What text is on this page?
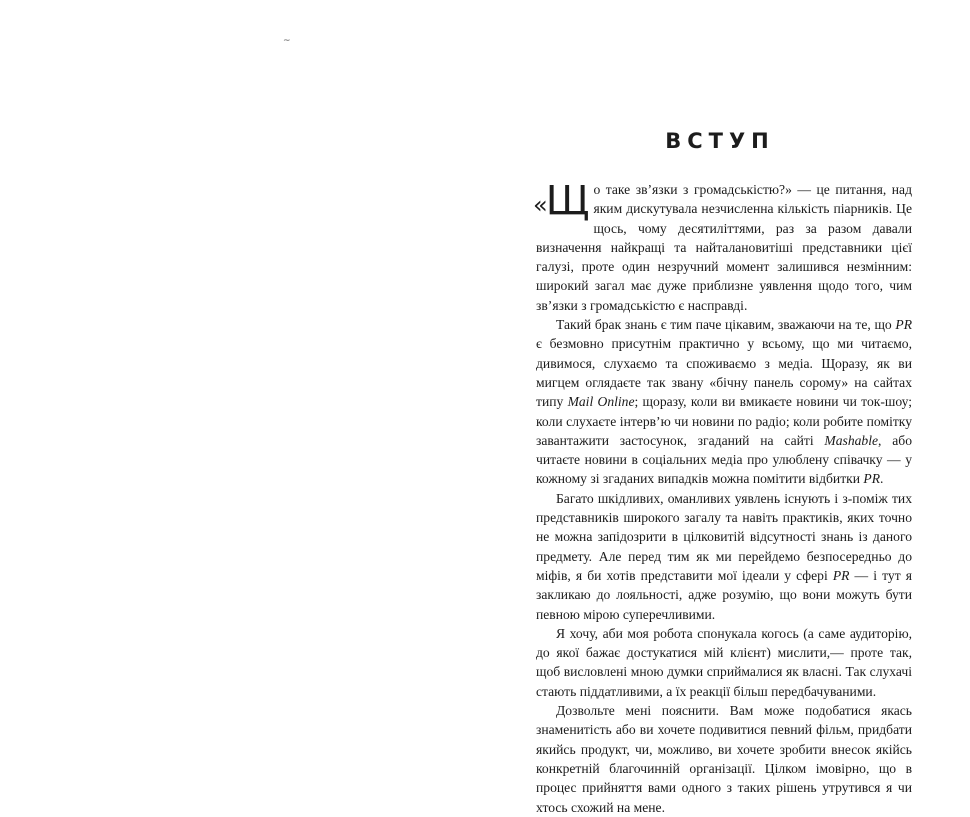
~
ВСТУП

«Щ о таке зв’язки з громадськістю?» — це питання, над яким дискутувала незчисленна кількість піарників. Це щось, чому десятиліттями, раз за разом давали визначення найкращі та найталановитіші представники цієї галузі, проте один незручний момент залишився незмінним: широкий загал має дуже приблизне уявлення щодо того, чим зв’язки з громадськістю є насправді.

Такий брак знань є тим паче цікавим, зважаючи на те, що PR є безмовно присутнім практично у всьому, що ми читаємо, дивимося, слухаємо та споживаємо з медіа. Щоразу, як ви мигцем оглядаєте так звану «бічну панель сорому» на сайтах типу Mail Online; щоразу, коли ви вмикаєте новини чи ток-шоу; коли слухаєте інтерв’ю чи новини по радіо; коли робите помітку завантажити застосунок, згаданий на сайті Mashable, або читаєте новини в соціальних медіа про улюблену співачку — у кожному зі згаданих випадків можна помітити відбитки PR.

Багато шкідливих, оманливих уявлень існують і з-поміж тих представників широкого загалу та навіть практиків, яких точно не можна запідозрити в цілковитій відсутності знань із даного предмету. Але перед тим як ми перейдемо безпосередньо до міфів, я би хотів представити мої ідеали у сфері PR — і тут я закликаю до лояльності, адже розумію, що вони можуть бути певною мірою суперечливими.

Я хочу, аби моя робота спонукала когось (а саме аудиторію, до якої бажає достукатися мій клієнт) мислити,— проте так, щоб висловлені мною думки сприймалися як власні. Так слухачі стають піддатливими, а їх реакції більш передбачуваними.

Дозвольте мені пояснити. Вам може подобатися якась знаменитість або ви хочете подивитися певний фільм, придбати якийсь продукт, чи, можливо, ви хочете зробити внесок якійсь конкретній благочинній організації. Цілком імовірно, що в процес прийняття вами одного з таких рішень утрутився я чи хтось схожий на мене.
